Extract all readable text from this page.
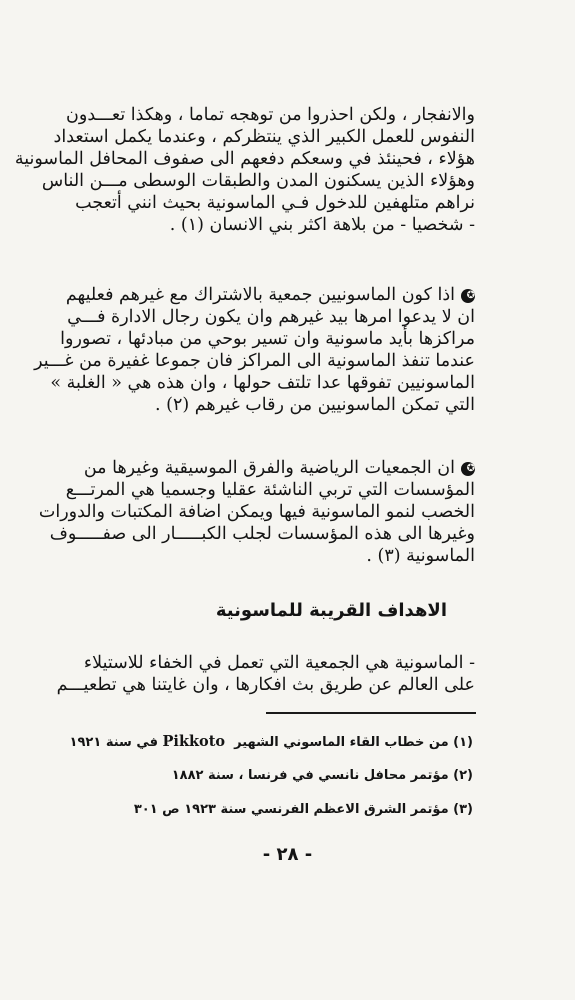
والانفجار ، ولكن احذروا من توهجه تماما ، وهكذا تعـــدون
النفوس للعمل الكبير الذي ينتظركم ، وعندما يكمل استعداد
هؤلاء ، فحينئذ في وسعكم دفعهم الى صفوف المحافل الماسونية
وهؤلاء الذين يسكنون المدن والطبقات الوسطى مـــن الناس
نراهم متلهفين للدخول فـي الماسونية بحيث انني أتعجب
- شخصيا - من بلاهة اكثر بني الانسان (١) .
✪اذا كون الماسونيين جمعية بالاشتراك مع غيرهم فعليهم
ان لا يدعوا امرها بيد غيرهم وان يكون رجال الادارة فـــي
مراكزها بأيد ماسونية وان تسير بوحي من مبادئها ، تصوروا
عندما تنفذ الماسونية الى المراكز فان جموعا غفيرة من غـــير
الماسونيين تفوقها عدا تلتف حولها ، وان هذه هي « الغلبة »
التي تمكن الماسونيين من رقاب غيرهم (٢) .
✪ان الجمعيات الرياضية والفرق الموسيقية وغيرها من
المؤسسات التي تربي الناشئة عقليا وجسميا هي المرتـــع
الخصب لنمو الماسونية فيها ويمكن اضافة المكتبات والدورات
وغيرها الى هذه المؤسسات لجلب الكبـــــار الى صفـــــوف
الماسونية (٣) .
الاهداف القريبة للماسونية
- الماسونية هي الجمعية التي تعمل في الخفاء للاستيلاء
على العالم عن طريق بث افكارها ، وان غايتنا هي تطعيـــم
(١) من خطاب القاء الماسوني الشهير  Pikkoto في سنة ١٩٢١
(٢) مؤتمر محافل نانسي في فرنسا ، سنة ١٨٨٢
(٣) مؤتمر الشرق الاعظم الفرنسي سنة ١٩٢٣ ص ٣٠١
- ٢٨ -
